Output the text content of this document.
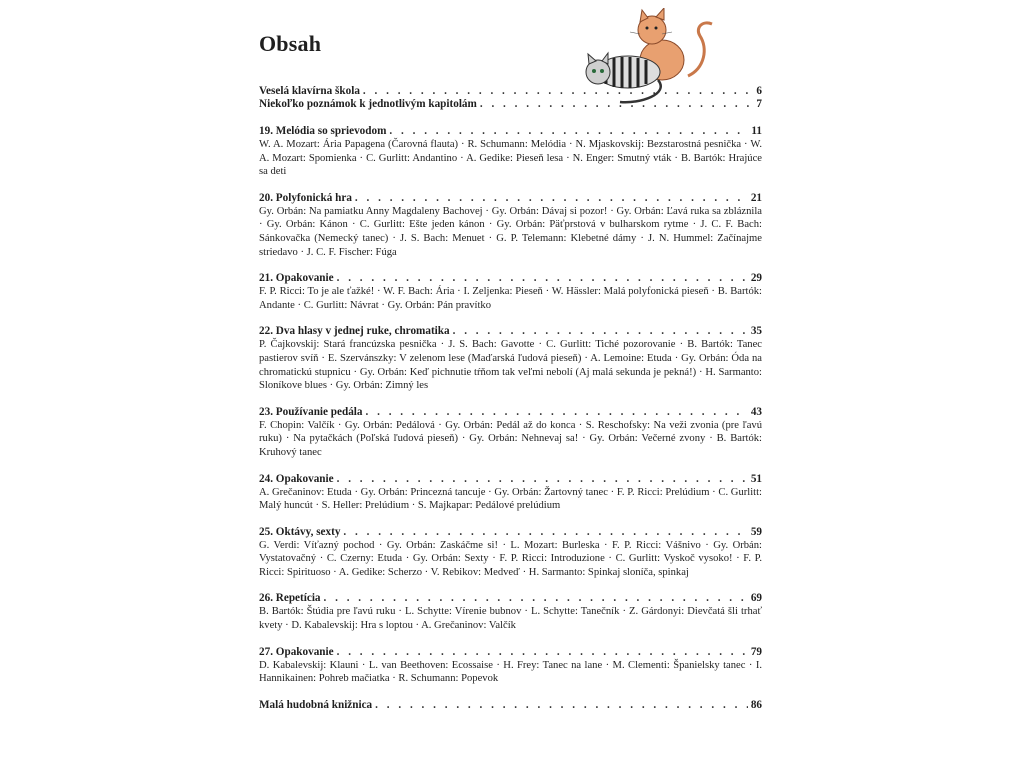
Obsah
Veselá klavírna škola . . .	6
Niekoľko poznámok k jednotlivým kapitolám . . .	7
19. Melódia so sprievodom . . .	11
W. A. Mozart: Ária Papagena (Čarovná flauta) · R. Schumann: Melódia · N. Mjaskovskij: Bezstarostná pesnička · W. A. Mozart: Spomienka · C. Gurlitt: Andantino · A. Gedike: Pieseň lesa · N. Enger: Smutný vták · B. Bartók: Hrajúce sa deti
20. Polyfonická hra . . .	21
Gy. Orbán: Na pamiatku Anny Magdaleny Bachovej · Gy. Orbán: Dávaj si pozor! · Gy. Orbán: Ľavá ruka sa zbláznila · Gy. Orbán: Kánon · C. Gurlitt: Ešte jeden kánon · Gy. Orbán: Päťprstová v bulharskom rytme · J. C. F. Bach: Sánkovačka (Nemecký tanec) · J. S. Bach: Menuet · G. P. Telemann: Klebetné dámy · J. N. Hummel: Začínajme striedavo · J. C. F. Fischer: Fúga
21. Opakovanie . . .	29
F. P. Ricci: To je ale ťažké! · W. F. Bach: Ária · I. Zeljenka: Pieseň · W. Hässler: Malá polyfonická pieseň · B. Bartók: Andante · C. Gurlitt: Návrat · Gy. Orbán: Pán pravítko
22. Dva hlasy v jednej ruke, chromatika . . .	35
P. Čajkovskij: Stará francúzska pesnička · J. S. Bach: Gavotte · C. Gurlitt: Tiché pozorovanie · B. Bartók: Tanec pastierov svíň · E. Szervánszky: V zelenom lese (Maďarská ľudová pieseň) · A. Lemoine: Etuda · Gy. Orbán: Óda na chromatickú stupnicu · Gy. Orbán: Keď pichnutie tŕňom tak veľmi nebolí (Aj malá sekunda je pekná!) · H. Sarmanto: Sloníkove blues · Gy. Orbán: Zimný les
23. Používanie pedála . . .	43
F. Chopin: Valčík · Gy. Orbán: Pedálová · Gy. Orbán: Pedál až do konca · S. Reschofsky: Na veži zvonia (pre ľavú ruku) · Na pytačkách (Poľská ľudová pieseň) · Gy. Orbán: Nehnevaj sa! · Gy. Orbán: Večerné zvony · B. Bartók: Kruhový tanec
24. Opakovanie . . .	51
A. Grečaninov: Etuda · Gy. Orbán: Princezná tancuje · Gy. Orbán: Žartovný tanec · F. P. Ricci: Prelúdium · C. Gurlitt: Malý huncút · S. Heller: Prelúdium · S. Majkapar: Pedálové prelúdium
25. Oktávy, sexty . . .	59
G. Verdi: Víťazný pochod · Gy. Orbán: Zaskáčme si! · L. Mozart: Burleska · F. P. Ricci: Vášnivo · Gy. Orbán: Vystatovačný · C. Czerny: Etuda · Gy. Orbán: Sexty · F. P. Ricci: Introduzione · C. Gurlitt: Vyskoč vysoko! · F. P. Ricci: Spirituoso · A. Gedike: Scherzo · V. Rebikov: Medveď · H. Sarmanto: Spinkaj sloníča, spinkaj
26. Repetícia . . .	69
B. Bartók: Štúdia pre ľavú ruku · L. Schytte: Vírenie bubnov · L. Schytte: Tanečník · Z. Gárdonyi: Dievčatá šli trhať kvety · D. Kabalevskij: Hra s loptou · A. Grečaninov: Valčík
27. Opakovanie . . .	79
D. Kabalevskij: Klauni · L. van Beethoven: Ecossaise · H. Frey: Tanec na lane · M. Clementi: Španielsky tanec · I. Hannikainen: Pohreb mačiatka · R. Schumann: Popevok
Malá hudobná knižnica . . .	86
